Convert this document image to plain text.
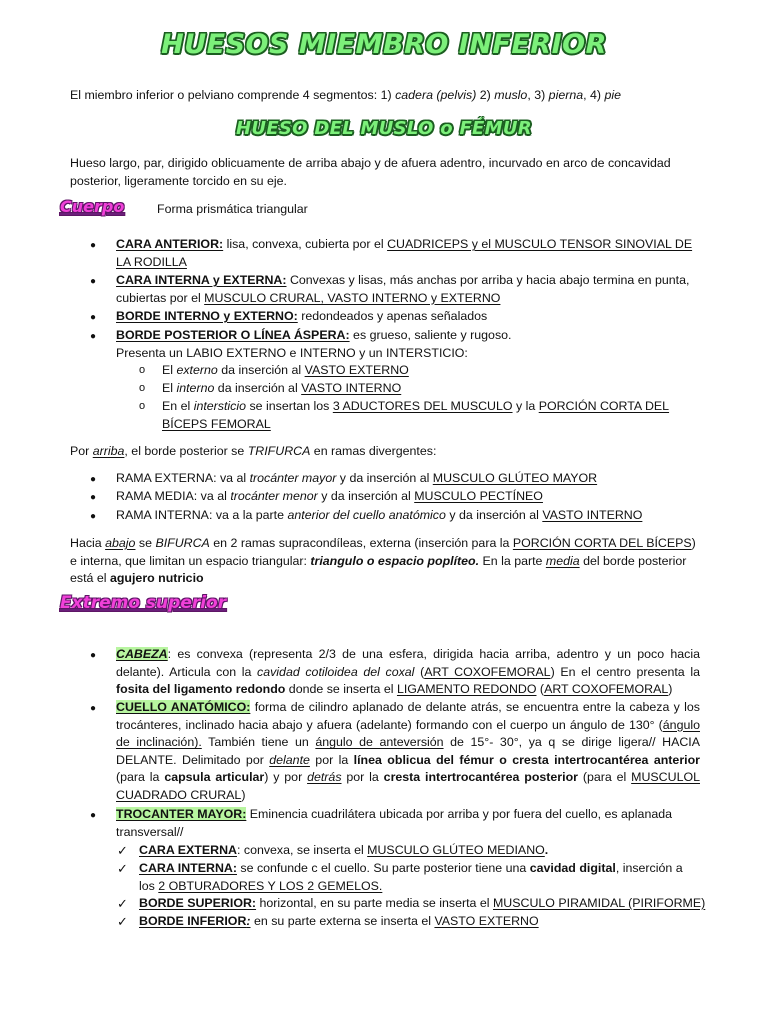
HUESOS MIEMBRO INFERIOR
El miembro inferior o pelviano comprende 4 segmentos: 1) cadera (pelvis) 2) muslo, 3) pierna, 4) pie
HUESO DEL MUSLO o FÉMUR
Hueso largo, par, dirigido oblicuamente de arriba abajo y de afuera adentro, incurvado en arco de concavidad posterior, ligeramente torcido en su eje.
Cuerpo	Forma prismática triangular
● CARA ANTERIOR: lisa, convexa, cubierta por el CUADRICEPS y el MUSCULO TENSOR SINOVIAL DE LA RODILLA
● CARA INTERNA y EXTERNA: Convexas y lisas, más anchas por arriba y hacia abajo termina en punta, cubiertas por el MUSCULO CRURAL, VASTO INTERNO y EXTERNO
● BORDE INTERNO y EXTERNO: redondeados y apenas señalados
● BORDE POSTERIOR O LÍNEA ÁSPERA: es grueso, saliente y rugoso.
Presenta un LABIO EXTERNO e INTERNO y un INTERSTICIO:
o El externo da inserción al VASTO EXTERNO
o El interno da inserción al VASTO INTERNO
o En el intersticio se insertan los 3 ADUCTORES DEL MUSCULO y la PORCIÓN CORTA DEL BÍCEPS FEMORAL
Por arriba, el borde posterior se TRIFURCA en ramas divergentes:
● RAMA EXTERNA: va al trocánter mayor y da inserción al MUSCULO GLÚTEO MAYOR
● RAMA MEDIA: va al trocánter menor y da inserción al MUSCULO PECTÍNEO
● RAMA INTERNA: va a la parte anterior del cuello anatómico y da inserción al VASTO INTERNO
Hacia abajo se BIFURCA en 2 ramas supracondíleas, externa (inserción para la PORCIÓN CORTA DEL BÍCEPS) e interna, que limitan un espacio triangular: triangulo o espacio poplíteo. En la parte media del borde posterior está el agujero nutricio
Extremo superior
● CABEZA: es convexa (representa 2/3 de una esfera, dirigida hacia arriba, adentro y un poco hacia delante). Articula con la cavidad cotiloidea del coxal (ART COXOFEMORAL) En el centro presenta la fosita del ligamento redondo donde se inserta el LIGAMENTO REDONDO (ART COXOFEMORAL)
● CUELLO ANATÓMICO: forma de cilindro aplanado de delante atrás, se encuentra entre la cabeza y los trocánteres, inclinado hacia abajo y afuera (adelante) formando con el cuerpo un ángulo de 130° (ángulo de inclinación). También tiene un ángulo de anteversión de 15°- 30°, ya q se dirige ligera// HACIA DELANTE. Delimitado por delante por la línea oblicua del fémur o cresta intertrocantérea anterior (para la capsula articular) y por detrás por la cresta intertrocantérea posterior (para el MUSCULOL CUADRADO CRURAL)
● TROCANTER MAYOR: Eminencia cuadrilátera ubicada por arriba y por fuera del cuello, es aplanada transversal//
✓ CARA EXTERNA: convexa, se inserta el MUSCULO GLÚTEO MEDIANO.
✓ CARA INTERNA: se confunde c el cuello. Su parte posterior tiene una cavidad digital, inserción a los 2 OBTURADORES Y LOS 2 GEMELOS.
✓ BORDE SUPERIOR: horizontal, en su parte media se inserta el MUSCULO PIRAMIDAL (PIRIFORME)
✓ BORDE INFERIOR: en su parte externa se inserta el VASTO EXTERNO
